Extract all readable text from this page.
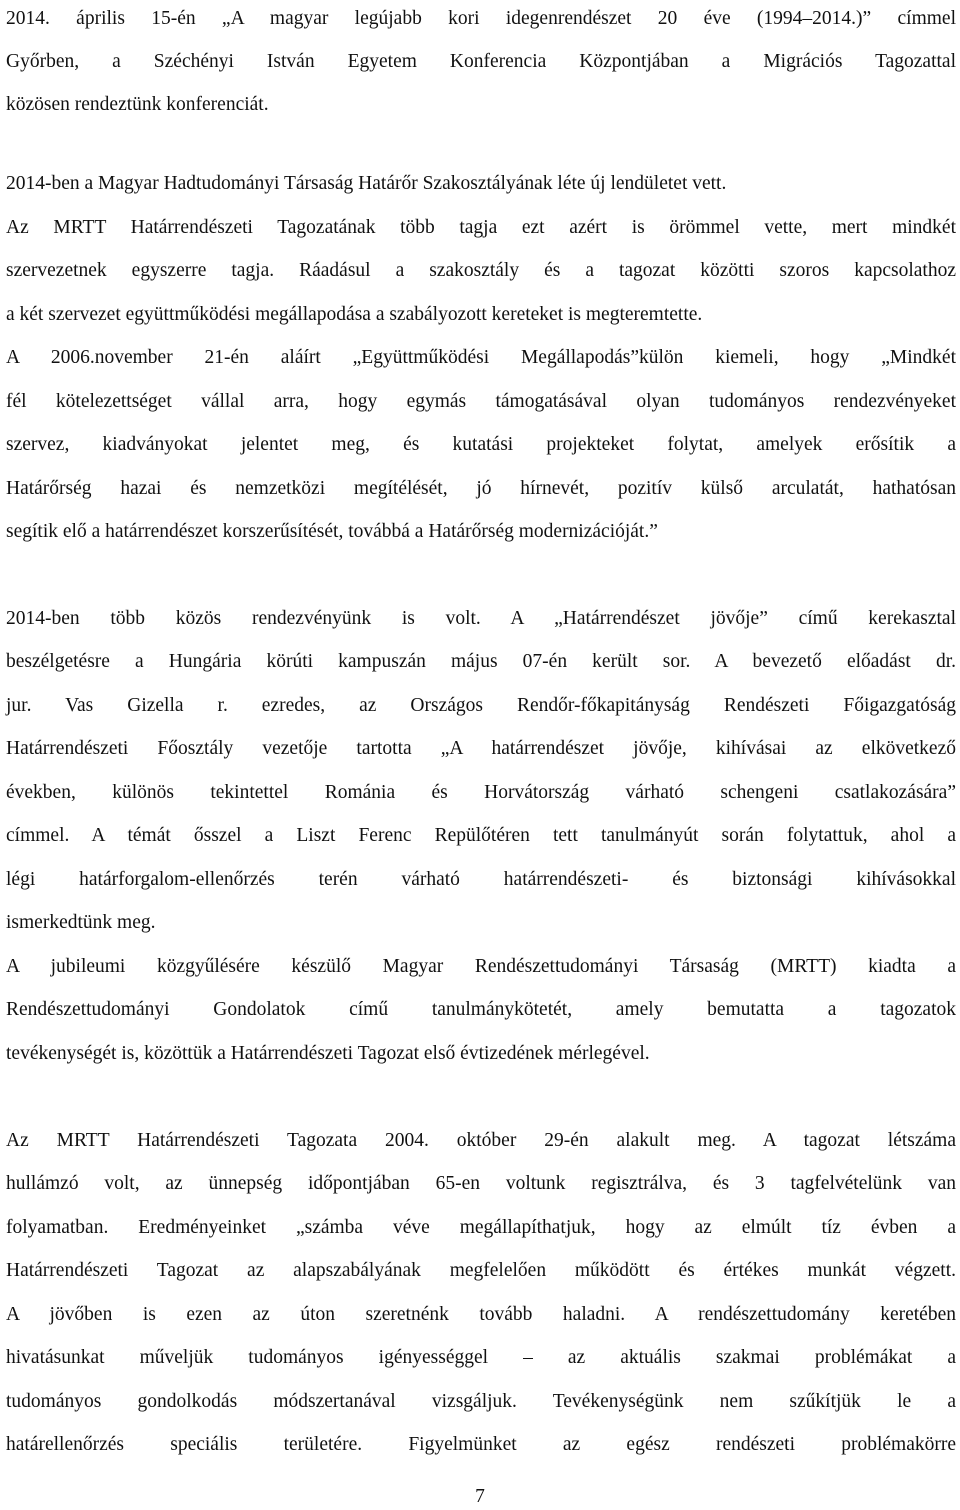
2014. április 15-én „A magyar legújabb kori idegenrendészet 20 éve (1994–2014.)” címmel
Győrben, a Széchényi István Egyetem Konferencia Központjában a Migrációs Tagozattal
közösen rendeztünk konferenciát.
2014-ben a Magyar Hadtudományi Társaság Határőr Szakosztályának léte új lendületet vett.
Az MRTT Határrendészeti Tagozatának több tagja ezt azért is örömmel vette, mert mindkét
szervezetnek egyszerre tagja. Ráadásul a szakosztály és a tagozat közötti szoros kapcsolathoz
a két szervezet együttműködési megállapodása a szabályozott kereteket is megteremtette.
A 2006.november 21-én aláírt „Együttműködési Megállapodás”külön kiemeli, hogy „Mindkét
fél kötelezettséget vállal arra, hogy egymás támogatásával olyan tudományos rendezvényeket
szervez, kiadványokat jelentet meg, és kutatási projekteket folytat, amelyek erősítik a
Határőrség hazai és nemzetközi megítélését, jó hírnevét, pozitív külső arculatát, hathatósan
segítik elő a határrendészet korszerűsítését, továbbá a Határőrség modernizációját.”
2014-ben több közös rendezvényünk is volt. A „Határrendészet jövője” című kerekasztal
beszélgetésre a Hungária körúti kampuszán május 07-én került sor. A bevezető előadást dr.
jur. Vas Gizella r. ezredes, az Országos Rendőr-főkapitányság Rendészeti Főigazgatóság
Határrendészeti Főosztály vezetője tartotta „A határrendészet jövője, kihívásai az elkövetkező
években, különös tekintettel Románia és Horvátország várható schengeni csatlakozására”
címmel. A témát ősszel a Liszt Ferenc Repülőtéren tett tanulmányút során folytattuk, ahol a
légi határforgalom-ellenőrzés terén várható határrendészeti- és biztonsági kihívásokkal
ismerkedtünk meg.
A jubileumi közgyűlésére készülő Magyar Rendészettudományi Társaság (MRTT) kiadta a
Rendészettudományi Gondolatok című tanulmánykötetét, amely bemutatta a tagozatok
tevékenységét is, közöttük a Határrendészeti Tagozat első évtizedének mérlegével.
Az MRTT Határrendészeti Tagozata 2004. október 29-én alakult meg. A tagozat létszáma
hullámzó volt, az ünnepség időpontjában 65-en voltunk regisztrálva, és 3 tagfelvételünk van
folyamatban. Eredményeinket „számba véve megállapíthatjuk, hogy az elmúlt tíz évben a
Határrendészeti Tagozat az alapszabályának megfelelően működött és értékes munkát végzett.
A jövőben is ezen az úton szeretnénk tovább haladni. A rendészettudomány keretében
hivatásunkat műveljük tudományos igényességgel – az aktuális szakmai problémákat a
tudományos gondolkodás módszertanával vizsgáljuk. Tevékenységünk nem szűkítjük le a
határellenőrzés speciális területére. Figyelmünket az egész rendészeti problémakörre
7
